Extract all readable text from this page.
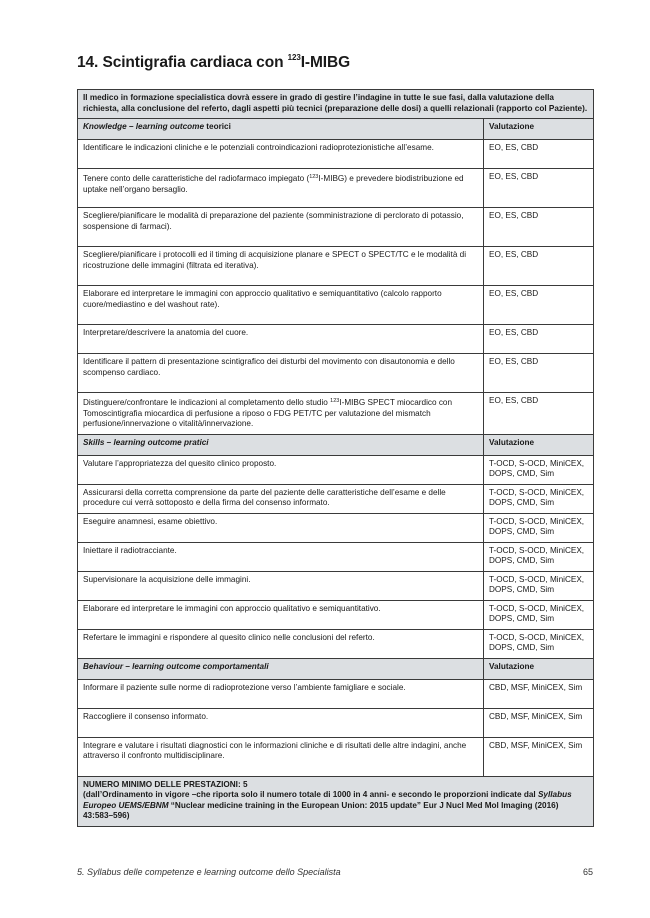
14. Scintigrafia cardiaca con $^{123}$I-MIBG
Il medico in formazione specialistica dovrà essere in grado di gestire l’indagine in tutte le sue fasi, dalla valutazione della richiesta, alla conclusione del referto, dagli aspetti più tecnici (preparazione delle dosi) a quelli relazionali (rapporto col Paziente).	
Knowledge – learning outcome teorici	Valutazione
Identificare le indicazioni cliniche e le potenziali controindicazioni radioprotezionistiche all’esame.	EO, ES, CBD
Tenere conto delle caratteristiche del radiofarmaco impiegato ($^{123}$I-MIBG) e prevedere biodistribuzione ed uptake nell’organo bersaglio.	EO, ES, CBD
Scegliere/pianificare le modalità di preparazione del paziente (somministrazione di perclorato di potassio, sospensione di farmaci).	EO, ES, CBD
Scegliere/pianificare i protocolli ed il timing di acquisizione planare e SPECT o SPECT/TC e le modalità di ricostruzione delle immagini (filtrata ed iterativa).	EO, ES, CBD
Elaborare ed interpretare le immagini con approccio qualitativo e semiquantitativo (calcolo rapporto cuore/mediastino e del washout rate).	EO, ES, CBD
Interpretare/descrivere la anatomia del cuore.	EO, ES, CBD
Identificare il pattern di presentazione scintigrafico dei disturbi del movimento con disautonomia e dello scompenso cardiaco.	EO, ES, CBD
Distinguere/confrontare le indicazioni al completamento dello studio $^{123}$I-MIBG SPECT miocardico con Tomoscintigrafia miocardica di perfusione a riposo o FDG PET/TC per valutazione del mismatch perfusione/innervazione o vitalità/innervazione.	EO, ES, CBD
Skills – learning outcome pratici	Valutazione
Valutare l’appropriatezza del quesito clinico proposto.	T-OCD, S-OCD, MiniCEX, DOPS, CMD, Sim
Assicurarsi della corretta comprensione da parte del paziente delle caratteristiche dell’esame e delle procedure cui verrà sottoposto e della firma del consenso informato.	T-OCD, S-OCD, MiniCEX, DOPS, CMD, Sim
Eseguire anamnesi, esame obiettivo.	T-OCD, S-OCD, MiniCEX, DOPS, CMD, Sim
Iniettare il radiotracciante.	T-OCD, S-OCD, MiniCEX, DOPS, CMD, Sim
Supervisionare la acquisizione delle immagini.	T-OCD, S-OCD, MiniCEX, DOPS, CMD, Sim
Elaborare ed interpretare le immagini con approccio qualitativo e semiquantitativo.	T-OCD, S-OCD, MiniCEX, DOPS, CMD, Sim
Refertare le immagini e rispondere al quesito clinico nelle conclusioni del referto.	T-OCD, S-OCD, MiniCEX, DOPS, CMD, Sim
Behaviour – learning outcome comportamentali	Valutazione
Informare il paziente sulle norme di radioprotezione verso l’ambiente famigliare e sociale.	CBD, MSF, MiniCEX, Sim
Raccogliere il consenso informato.	CBD, MSF, MiniCEX, Sim
Integrare e valutare i risultati diagnostici con le informazioni cliniche e di risultati delle altre indagini, anche attraverso il confronto multidisciplinare.	CBD, MSF, MiniCEX, Sim

NUMERO MINIMO DELLE PRESTAZIONI: 5
(dall’Ordinamento in vigore –che riporta solo il numero totale di 1000 in 4 anni- e secondo le proporzioni indicate dal Syllabus Europeo UEMS/EBNM “Nuclear medicine training in the European Union: 2015 update” Eur J Nucl Med Mol Imaging (2016) 43:583–596)	
5. Syllabus delle competenze e learning outcome dello Specialista	65
